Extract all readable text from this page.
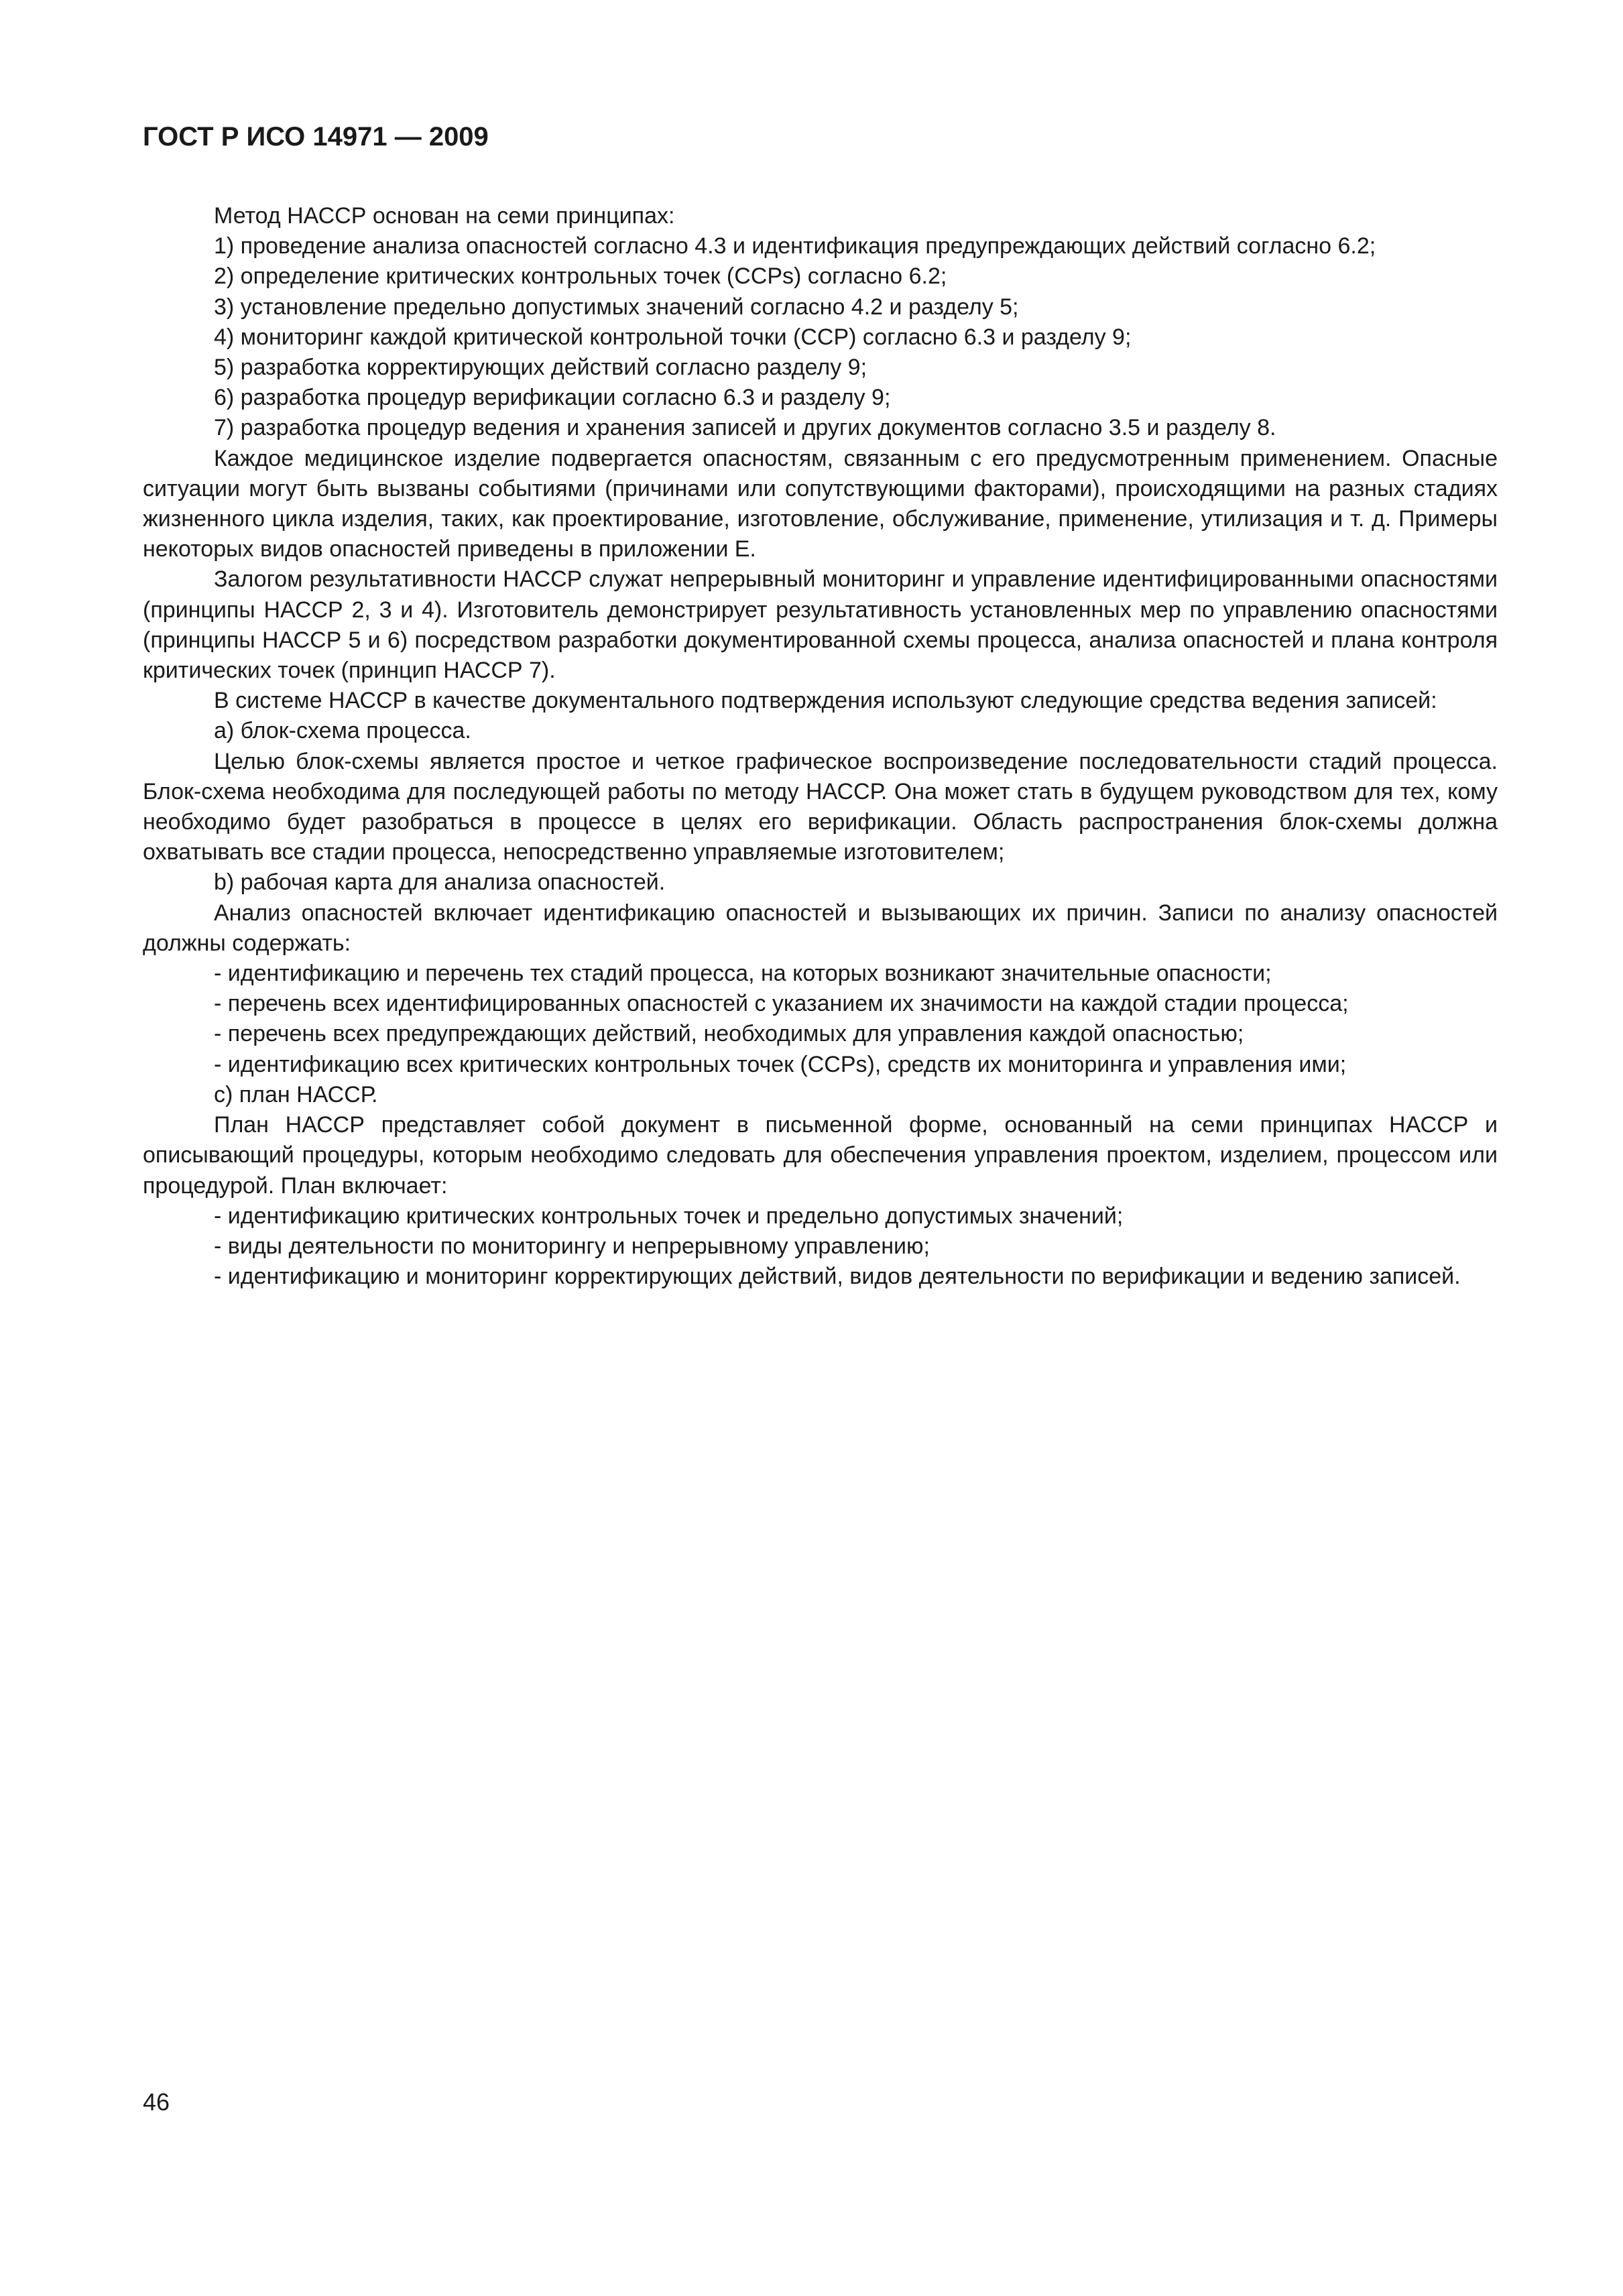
ГОСТ Р ИСО 14971 — 2009

Метод НАССР основан на семи принципах:

1) проведение анализа опасностей согласно 4.3 и идентификация предупреждающих действий согласно 6.2;

2) определение критических контрольных точек (ССРs) согласно 6.2;

3) установление предельно допустимых значений согласно 4.2 и разделу 5;

4) мониторинг каждой критической контрольной точки (ССР) согласно 6.3 и разделу 9;

5) разработка корректирующих действий согласно разделу 9;

6) разработка процедур верификации согласно 6.3 и разделу 9;

7) разработка процедур ведения и хранения записей и других документов согласно 3.5 и разделу 8.

Каждое медицинское изделие подвергается опасностям, связанным с его предусмотренным применением. Опасные ситуации могут быть вызваны событиями (причинами или сопутствующими факторами), происходящими на разных стадиях жизненного цикла изделия, таких, как проектирование, изготовление, обслуживание, применение, утилизация и т. д. Примеры некоторых видов опасностей приведены в приложении Е.

Залогом результативности НАССР служат непрерывный мониторинг и управление идентифицированными опасностями (принципы НАССР 2, 3 и 4). Изготовитель демонстрирует результативность установленных мер по управлению опасностями (принципы НАССР 5 и 6) посредством разработки документированной схемы процесса, анализа опасностей и плана контроля критических точек (принцип НАССР 7).

В системе НАССР в качестве документального подтверждения используют следующие средства ведения записей:

а) блок-схема процесса.

Целью блок-схемы является простое и четкое графическое воспроизведение последовательности стадий процесса. Блок-схема необходима для последующей работы по методу НАССР. Она может стать в будущем руководством для тех, кому необходимо будет разобраться в процессе в целях его верификации. Область распространения блок-схемы должна охватывать все стадии процесса, непосредственно управляемые изготовителем;

b) рабочая карта для анализа опасностей.

Анализ опасностей включает идентификацию опасностей и вызывающих их причин. Записи по анализу опасностей должны содержать:

- идентификацию и перечень тех стадий процесса, на которых возникают значительные опасности;

- перечень всех идентифицированных опасностей с указанием их значимости на каждой стадии процесса;

- перечень всех предупреждающих действий, необходимых для управления каждой опасностью;

- идентификацию всех критических контрольных точек (ССРs), средств их мониторинга и управления ими;

с) план НАССР.

План НАССР представляет собой документ в письменной форме, основанный на семи принципах НАССР и описывающий процедуры, которым необходимо следовать для обеспечения управления проектом, изделием, процессом или процедурой. План включает:

- идентификацию критических контрольных точек и предельно допустимых значений;

- виды деятельности по мониторингу и непрерывному управлению;

- идентификацию и мониторинг корректирующих действий, видов деятельности по верификации и ведению записей.

46
